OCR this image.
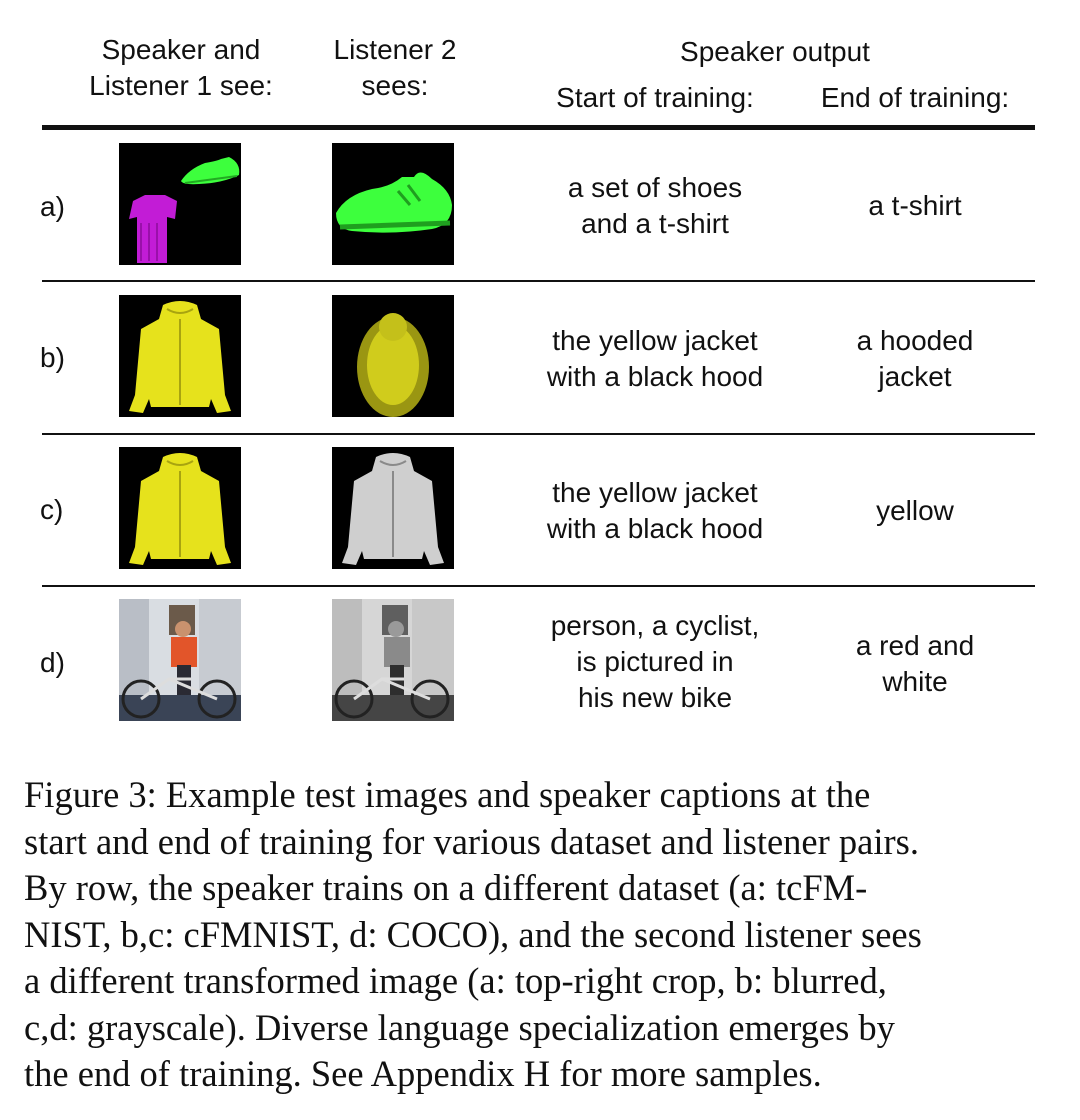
Speaker and
Listener 1 see:
Listener 2
sees:
Speaker output
Start of training:	End of training:
a)
a set of shoes
and a t-shirt
a t-shirt
b)
the yellow jacket
with a black hood
a hooded
jacket
c)
the yellow jacket
with a black hood
yellow
d)
person, a cyclist,
is pictured in
his new bike
a red and
white
Figure 3: Example test images and speaker captions at the
start and end of training for various dataset and listener pairs.
By row, the speaker trains on a different dataset (a: tcFM-
NIST, b,c: cFMNIST, d: COCO), and the second listener sees
a different transformed image (a: top-right crop, b: blurred,
c,d: grayscale). Diverse language specialization emerges by
the end of training. See Appendix H for more samples.
